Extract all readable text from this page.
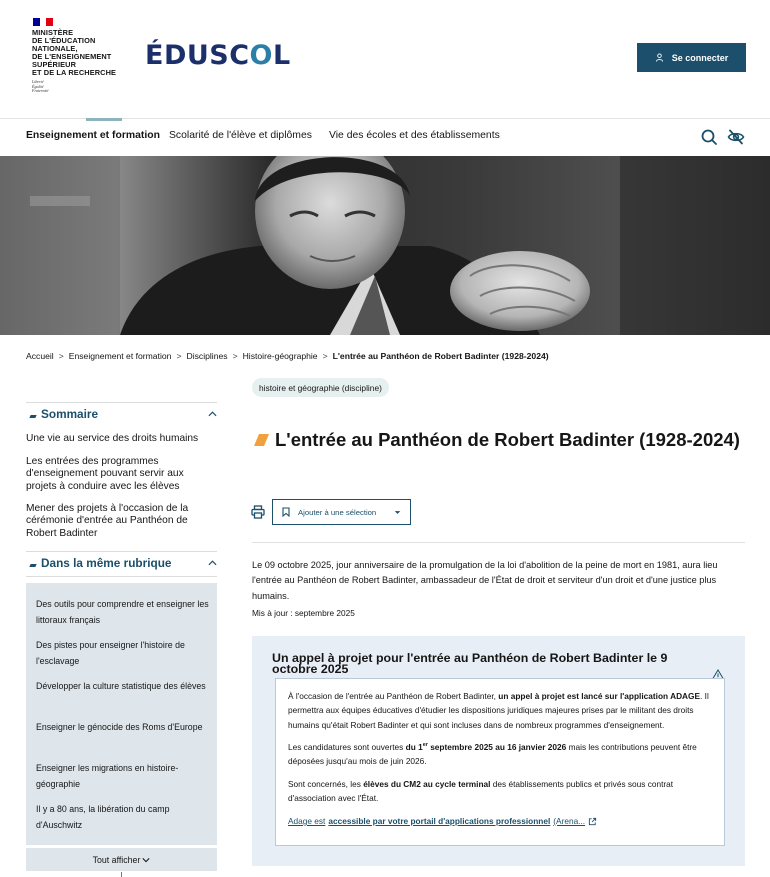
MINISTÈRE
DE L'ÉDUCATION
NATIONALE,
DE L'ENSEIGNEMENT
SUPÉRIEUR
ET DE LA RECHERCHE
Liberté
Égalité
Fraternité
ÉDUSCOL	Se connecter
Enseignement et formation Scolarité de l'élève et diplômes Vie des écoles et des établissements
Accueil > Enseignement et formation > Disciplines > Histoire-géographie > L'entrée au Panthéon de Robert Badinter (1928-2024)
Sommaire
Une vie au service des droits humains
Les entrées des programmes d'enseignement pouvant servir aux projets à conduire avec les élèves
Mener des projets à l'occasion de la cérémonie d'entrée au Panthéon de Robert Badinter
Dans la même rubrique
Des outils pour comprendre et enseigner les littoraux français
Des pistes pour enseigner l'histoire de l'esclavage
Développer la culture statistique des élèves
Enseigner le génocide des Roms d'Europe
Enseigner les migrations en histoire-géographie
Il y a 80 ans, la libération du camp d'Auschwitz
Tout afficher
histoire et géographie (discipline)
L'entrée au Panthéon de Robert Badinter (1928-2024)
Ajouter à une sélection

Le 09 octobre 2025, jour anniversaire de la promulgation de la loi d'abolition de la peine de mort en 1981, aura lieu l'entrée au Panthéon de Robert Badinter, ambassadeur de l'État de droit et serviteur d'un droit et d'une justice plus humains.

Mis à jour : septembre 2025
Un appel à projet pour l'entrée au Panthéon de Robert Badinter le 9 octobre 2025

À l'occasion de l'entrée au Panthéon de Robert Badinter, un appel à projet est lancé sur l'application ADAGE. Il permettra aux équipes éducatives d'étudier les dispositions juridiques majeures prises par le militant des droits humains qu'était Robert Badinter et qui sont incluses dans de nombreux programmes d'enseignement.

Les candidatures sont ouvertes du 1er septembre 2025 au 16 janvier 2026 mais les contributions peuvent être déposées jusqu'au mois de juin 2026.

Sont concernés, les élèves du CM2 au cycle terminal des établissements publics et privés sous contrat d'association avec l'État.

Adage est accessible par votre portail d'applications professionnel (Arena...
